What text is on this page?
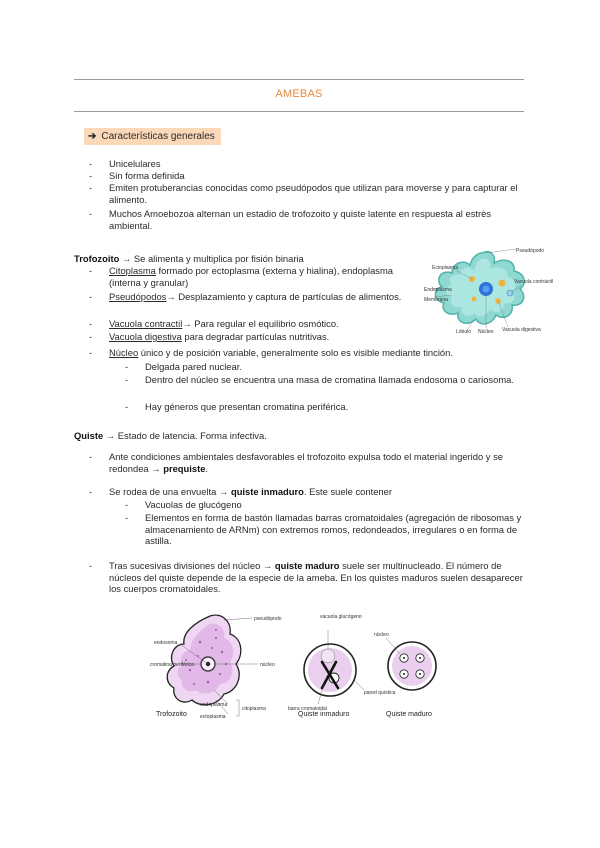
AMEBAS
➔ Características generales
- Unicelulares
- Sin forma definida
- Emiten protuberancias conocidas como pseudópodos que utilizan para moverse y para capturar el alimento.
- Muchos Amoebozoa alternan un estadio de trofozoito y quiste latente en respuesta al estrès ambiental.
Trofozoito → Se alimenta y multiplica por fisión binaria
- Citoplasma formado por ectoplasma (externa y hialina), endoplasma (interna y granular)
- Pseudópodos→ Desplazamiento y captura de partículas de alimentos.
- Vacuola contractil→ Para regular el equilibrio osmótico.
- Vacuola digestiva para degradar partículas nutritivas.
- Núcleo único y de posición variable, generalmente solo es visible mediante tinción.
- Delgada pared nuclear.
- Dentro del núcleo se encuentra una masa de cromatina llamada endosoma o cariosoma.
- Hay géneros que presentan cromatina periférica.
Pseudópodo
Ectoplasma
Endoplasma
Membrana
Lóbulo Núcleo Vacuola digestiva
Vacuola contráctil
Quiste → Estado de latencia. Forma infectiva.
- Ante condiciones ambientales desfavorables el trofozoito expulsa todo el material ingerido y se redondea → prequiste.
- Se rodea de una envuelta → quiste inmaduro. Este suele contener
- Vacuolas de glucógeno
- Elementos en forma de bastón llamadas barras cromatoidales (agregación de ribosomas y almacenamiento de ARNm) con extremos romos, redondeados, irregulares o en forma de astilla.
- Tras sucesivas divisiones del núcleo → quiste maduro suele ser multinucleado. El número de núcleos del quiste depende de la especie de la ameba. En los quistes maduros suelen desaparecer los cuerpos cromatoidales.
pseudópodo
endosoma
cromatina periférica	núcleo
endoplasma
ectoplasma
citoplasma
Trofozoito
vacuola glucógeno
barra cromatoidal
pared quística
Quiste inmaduro
núcleo
Quiste maduro
